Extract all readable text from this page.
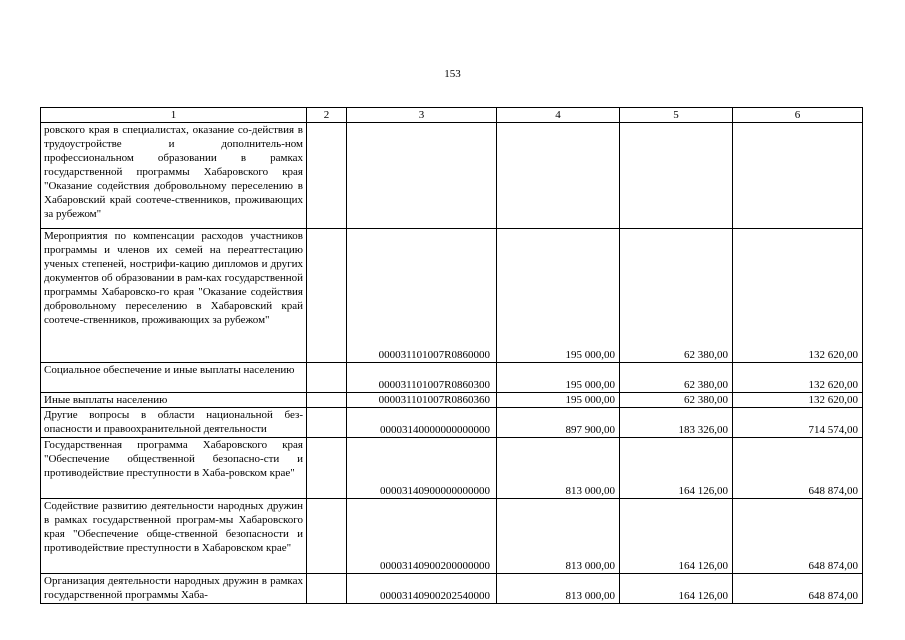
153
1	2	3	4	5	6
ровского края в специалистах, оказание со-действия в трудоустройстве и дополнитель-ном профессиональном образовании в рамках государственной программы Хабаровского края "Оказание содействия добровольному переселению в Хабаровский край соотече-ственников, проживающих за рубежом"					
Мероприятия по компенсации расходов участников программы и членов их семей на переаттестацию ученых степеней, нострифи-кацию дипломов и других документов об образовании в рам-ках государственной программы Хабаровско-го края "Оказание содействия добровольному переселению в Хабаровский край соотече-ственников, проживающих за рубежом"		000031101007R0860000	195 000,00	62 380,00	132 620,00
Социальное обеспечение и иные выплаты населению		000031101007R0860300	195 000,00	62 380,00	132 620,00
Иные выплаты населению		000031101007R0860360	195 000,00	62 380,00	132 620,00
Другие вопросы в области национальной без-опасности и правоохранительной деятельности		00003140000000000000	897 900,00	183 326,00	714 574,00
Государственная программа Хабаровского края "Обеспечение общественной безопасно-сти и противодействие преступности в Хаба-ровском крае"		00003140900000000000	813 000,00	164 126,00	648 874,00
Содействие развитию деятельности народных дружин в рамках государственной програм-мы Хабаровского края "Обеспечение обще-ственной безопасности и противодействие преступности в Хабаровском крае"		00003140900200000000	813 000,00	164 126,00	648 874,00
Организация деятельности народных дружин в рамках государственной программы Хаба-		00003140900202540000	813 000,00	164 126,00	648 874,00
